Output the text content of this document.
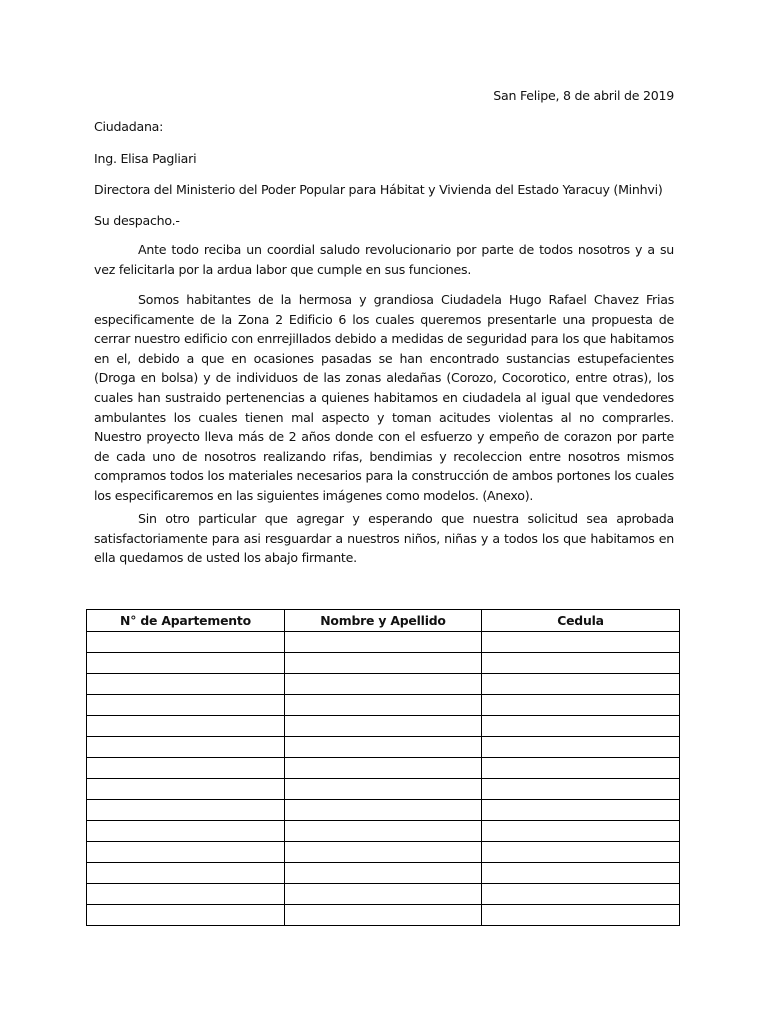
San Felipe, 8 de abril de 2019
Ciudadana:
Ing. Elisa Pagliari
Directora del Ministerio del Poder Popular para Hábitat y Vivienda del Estado Yaracuy (Minhvi)
Su despacho.-
Ante todo reciba un coordial saludo revolucionario por parte de todos nosotros y a su vez felicitarla por la ardua labor que cumple en sus funciones.
Somos habitantes de la hermosa y grandiosa Ciudadela Hugo Rafael Chavez Frias especificamente de la Zona 2 Edificio 6 los cuales queremos presentarle una propuesta de cerrar nuestro edificio con enrrejillados debido a medidas de seguridad para los que habitamos en el, debido a que en ocasiones pasadas se han encontrado sustancias estupefacientes (Droga en bolsa) y de individuos de las zonas aledañas (Corozo, Cocorotico, entre otras), los cuales han sustraido pertenencias a quienes habitamos en ciudadela al igual que vendedores ambulantes los cuales tienen mal aspecto y toman acitudes violentas al no comprarles. Nuestro proyecto lleva más de 2 años donde con el esfuerzo y empeño de corazon por parte de cada uno de nosotros realizando rifas, bendimias y recoleccion entre nosotros mismos compramos todos los materiales necesarios para la construcción de ambos portones los cuales los especificaremos en las siguientes imágenes como modelos. (Anexo).
Sin otro particular que agregar y esperando que nuestra solicitud sea aprobada satisfactoriamente para asi resguardar a nuestros niños, niñas y a todos los que habitamos en ella quedamos de usted los abajo firmante.
N° de Apartemento	Nombre y Apellido	Cedula
